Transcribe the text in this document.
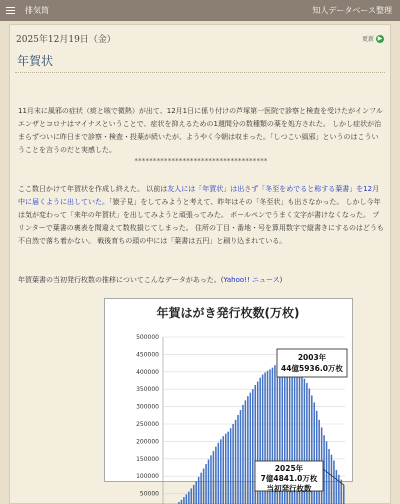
排気筒	知人データベース整理
2025年12月19日（金）	更新 ▶
年賀状

11月末に風邪の症状（痰と咳で微熱）が出て、12月1日に係り付けの芦塚第一医院で診察と検査を受けたがインフルエンザとコロナはマイナスということで、症状を抑えるための1週間分の数種類の薬を処方された。 しかし症状が治まらずついに昨日まで診察・検査・投薬が続いたが、ようやく今朝は収まった。「しつこい風邪」というのはこういうことを言うのだと実感した。

************************************

ここ数日かけて年賀状を作成し終えた。 以前は友人には「年賀状」は出さず「冬至をめでると称する葉書」を12月中に届くように出していた。「猿子見」をしてみようと考えて、昨年はその「冬至状」も出さなかった。 しかし今年は気が変わって「来年の年賀状」を出してみようと頑張ってみた。 ボールペンでうまく文字が書けなくなった。 プリンターで葉書の裏表を間違えて数枚損じてしまった。 住所の丁目・番地・号を算用数字で縦書きにするのはどうも不自然で落ち着かない。 戦後育ちの頭の中には「葉書は五円」と刷り込まれている。

年賀葉書の当初発行枚数の推移についてこんなデータがあった。(Yahoo!! ニュース)

年賀はがき発行枚数(万枚)
500000
450000
400000
350000
300000
250000
200000
150000
100000
50000
2003年
44億5936.0万枚
2025年
7億4841.0万枚
当初発行枚数
